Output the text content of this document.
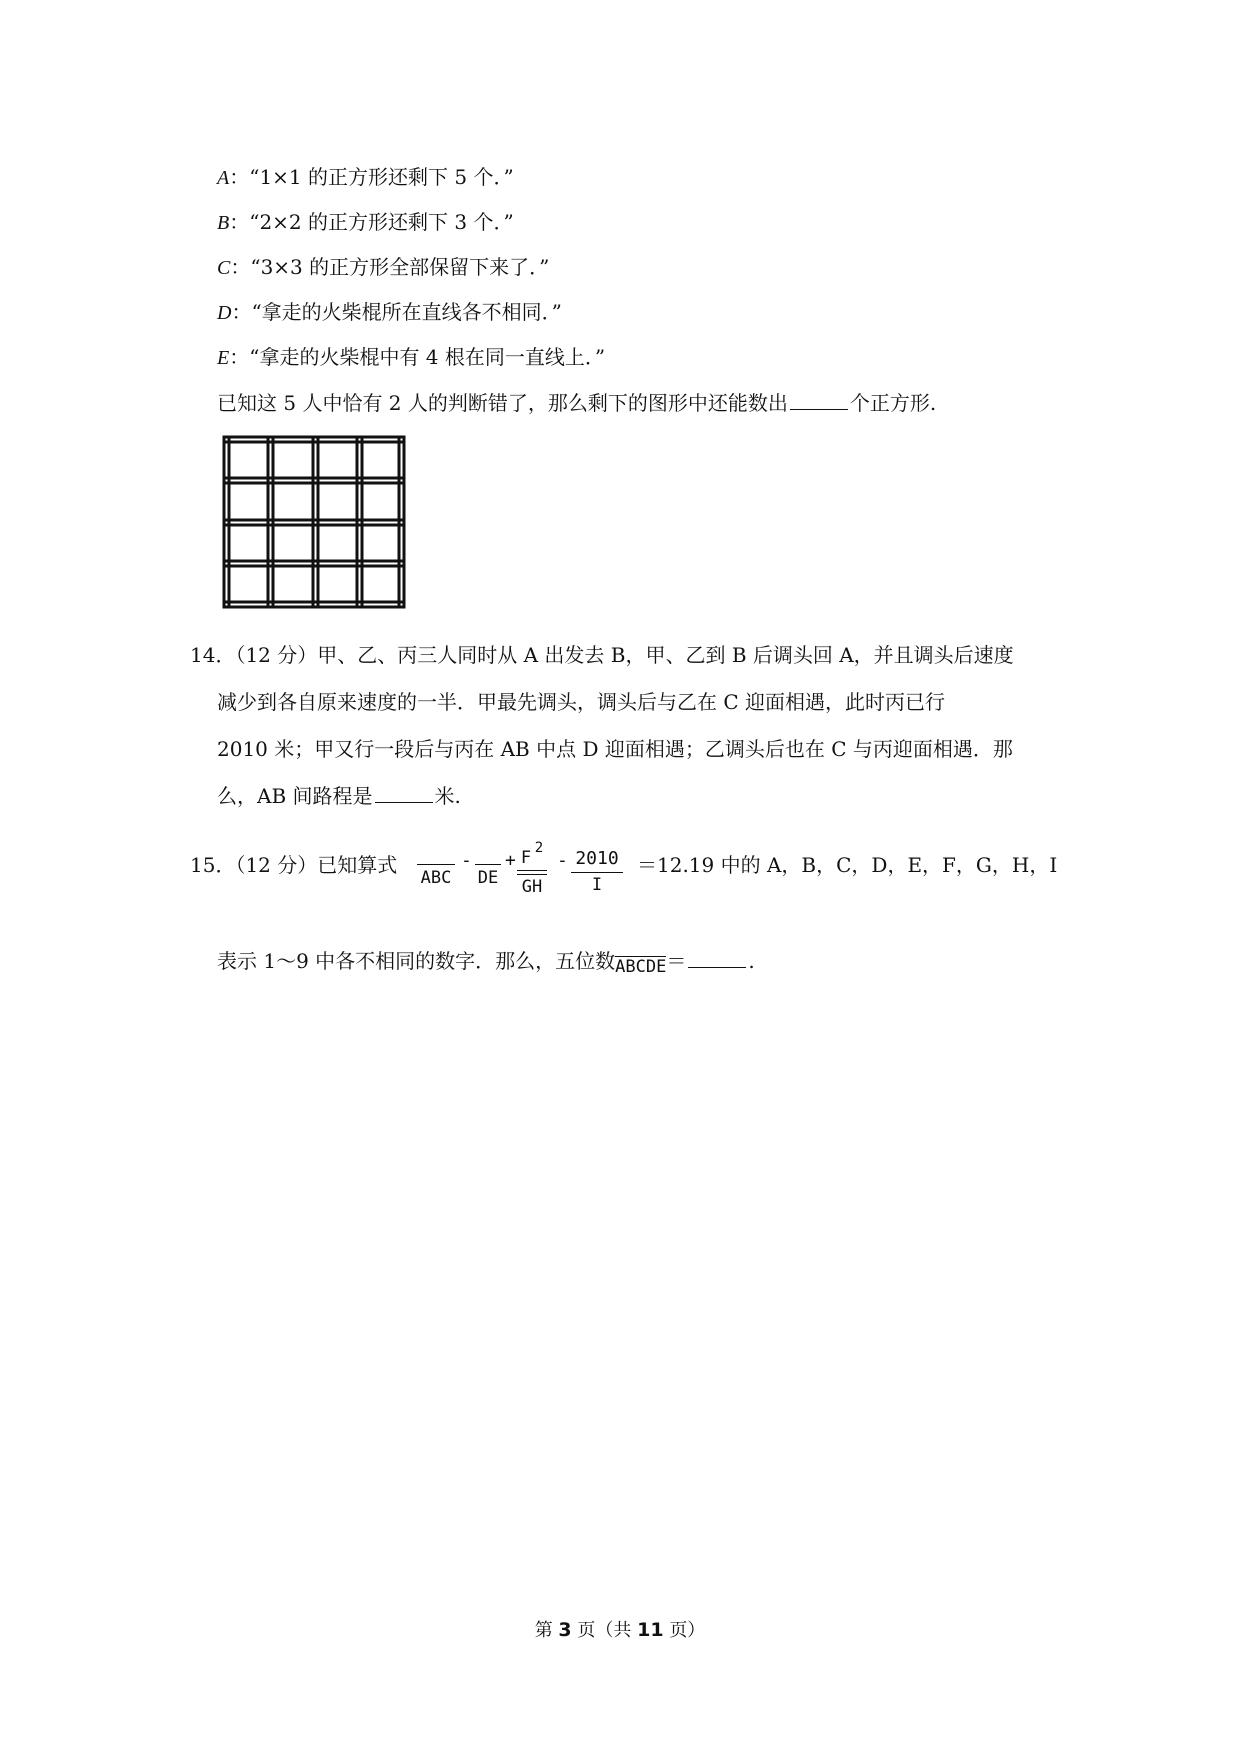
A：“1×1 的正方形还剩下 5 个．”
B：“2×2 的正方形还剩下 3 个．”
C：“3×3 的正方形全部保留下来了．”
D：“拿走的火柴棍所在直线各不相同．”
E：“拿走的火柴棍中有 4 根在同一直线上．”
已知这 5 人中恰有 2 人的判断错了，那么剩下的图形中还能数出	个正方形.
14．（12 分）甲、乙、丙三人同时从 A 出发去 B，甲、乙到 B 后调头回 A，并且调头后速度
减少到各自原来速度的一半．甲最先调头，调头后与乙在 C 迎面相遇，此时丙已行
2010 米；甲又行一段后与丙在 AB 中点 D 迎面相遇；乙调头后也在 C 与丙迎面相遇．那
么，AB 间路程是	米.
15．（12 分）已知算式
ABC
-
DE
+ F 2
GH
- 2010
I
＝12.19 中的 A，B，C，D，E，F，G，H，I
表示 1～9 中各不相同的数字．那么，五位数$_{ABCDE}$＝	.
第 3 页（共 11 页）
